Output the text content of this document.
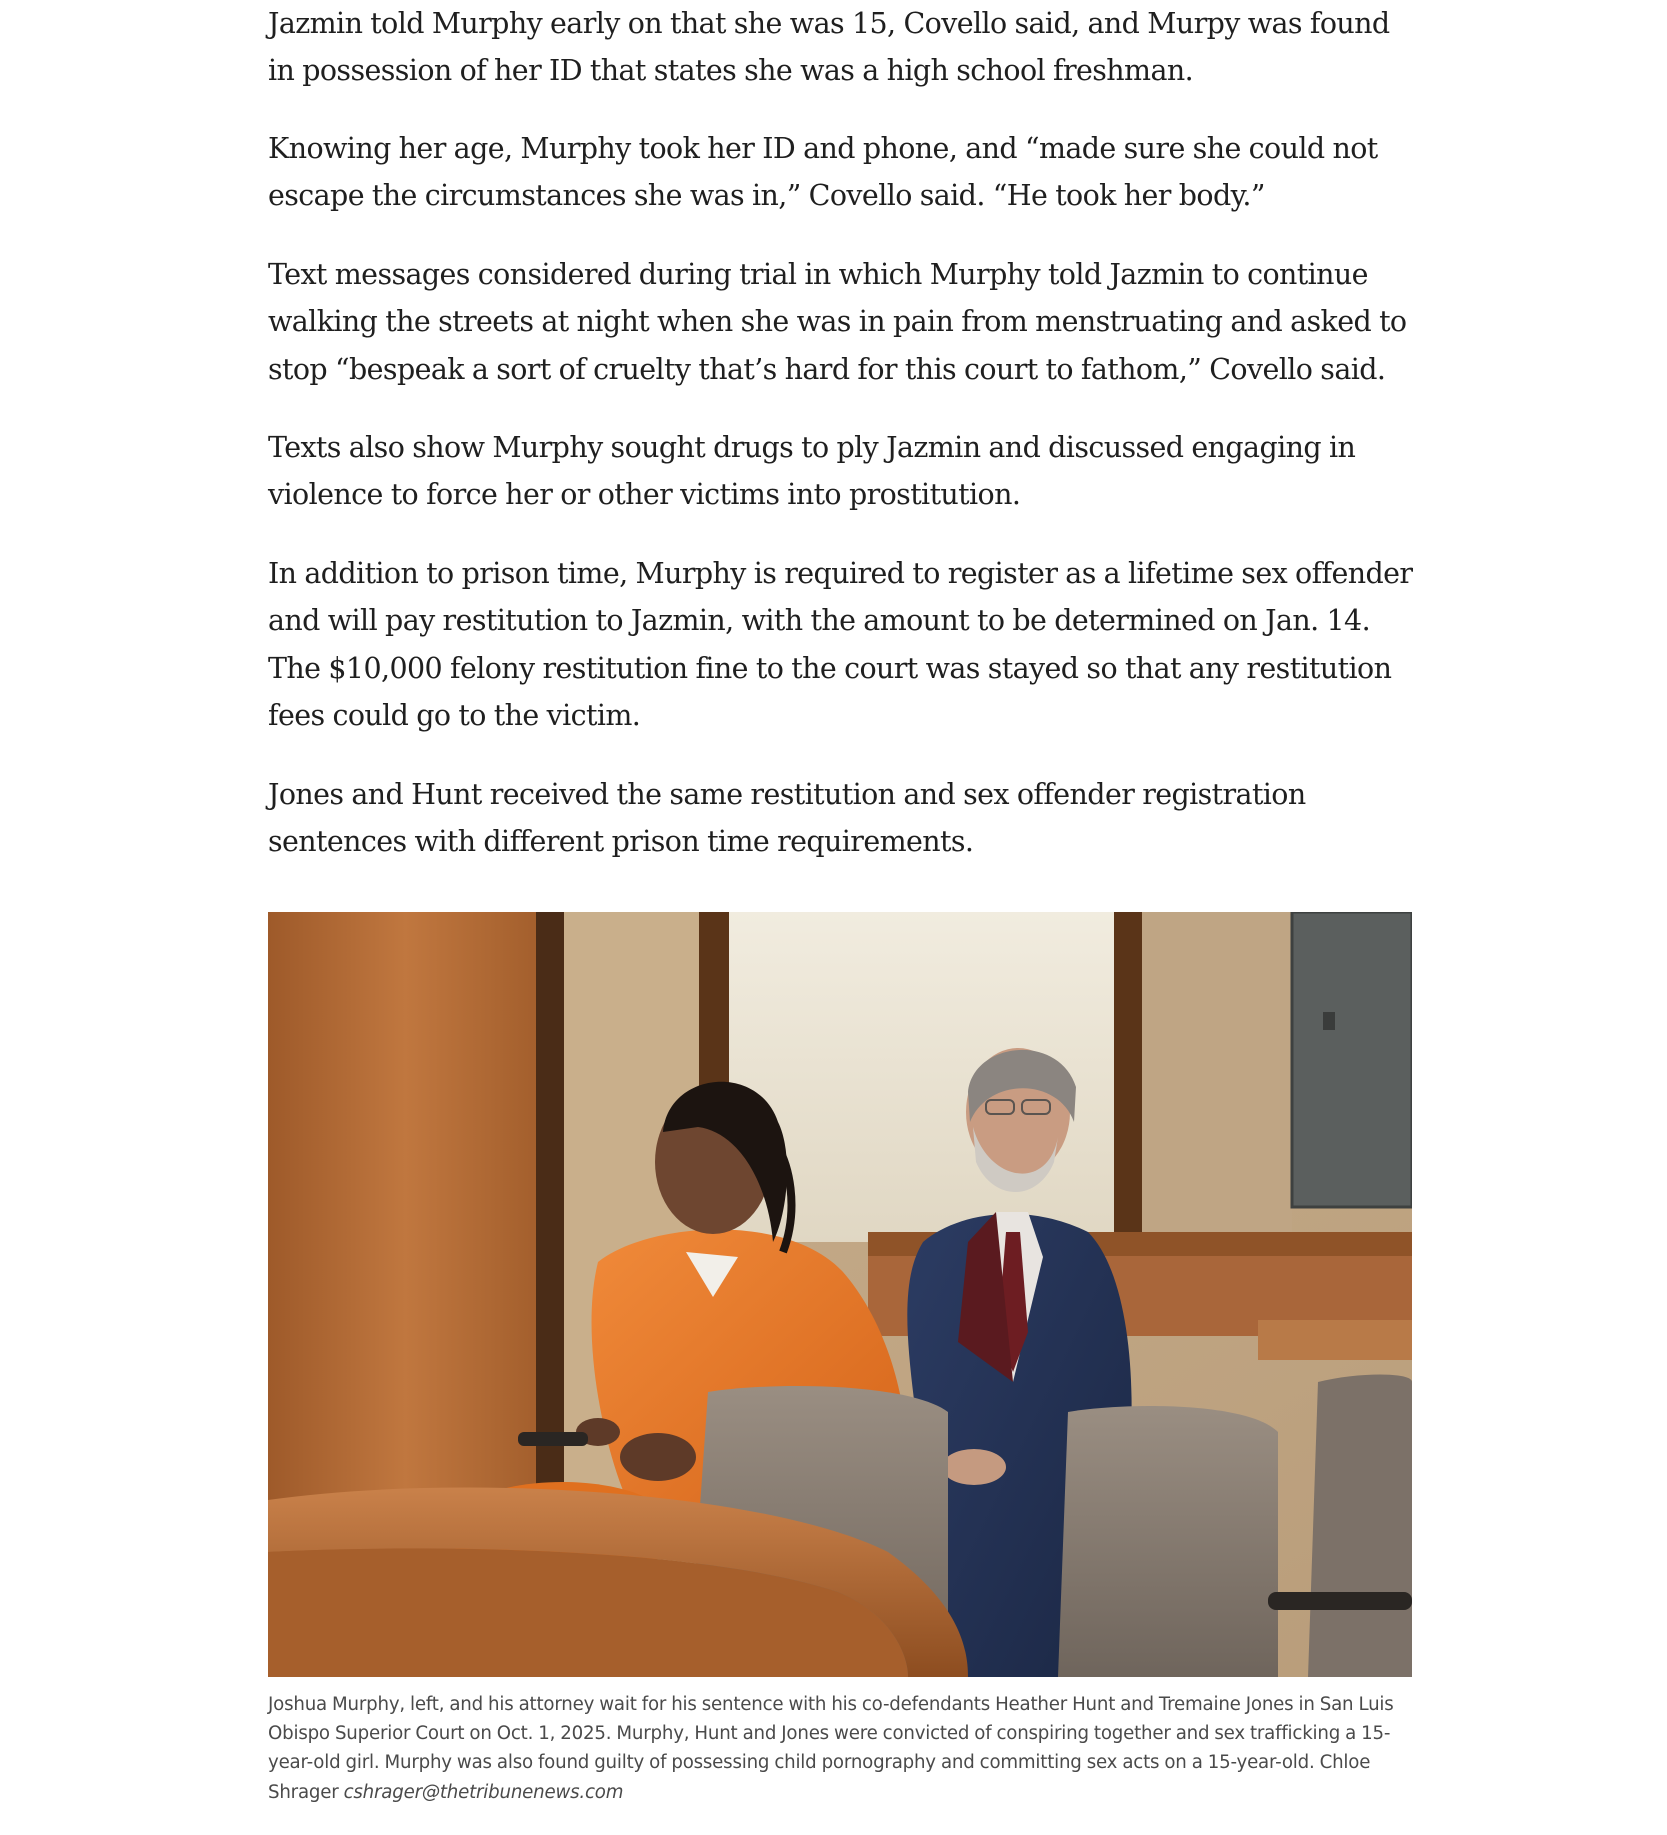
Jazmin told Murphy early on that she was 15, Covello said, and Murpy was found in possession of her ID that states she was a high school freshman.

Knowing her age, Murphy took her ID and phone, and “made sure she could not escape the circumstances she was in,” Covello said. “He took her body.”

Text messages considered during trial in which Murphy told Jazmin to continue walking the streets at night when she was in pain from menstruating and asked to stop “bespeak a sort of cruelty that’s hard for this court to fathom,” Covello said.

Texts also show Murphy sought drugs to ply Jazmin and discussed engaging in violence to force her or other victims into prostitution.

In addition to prison time, Murphy is required to register as a lifetime sex offender and will pay restitution to Jazmin, with the amount to be determined on Jan. 14. The $10,000 felony restitution fine to the court was stayed so that any restitution fees could go to the victim.

Jones and Hunt received the same restitution and sex offender registration sentences with different prison time requirements.

Joshua Murphy, left, and his attorney wait for his sentence with his co-defendants Heather Hunt and Tremaine Jones in San Luis Obispo Superior Court on Oct. 1, 2025. Murphy, Hunt and Jones were convicted of conspiring together and sex trafficking a 15-year-old girl. Murphy was also found guilty of possessing child pornography and committing sex acts on a 15-year-old. Chloe Shrager cshrager@thetribunenews.com
